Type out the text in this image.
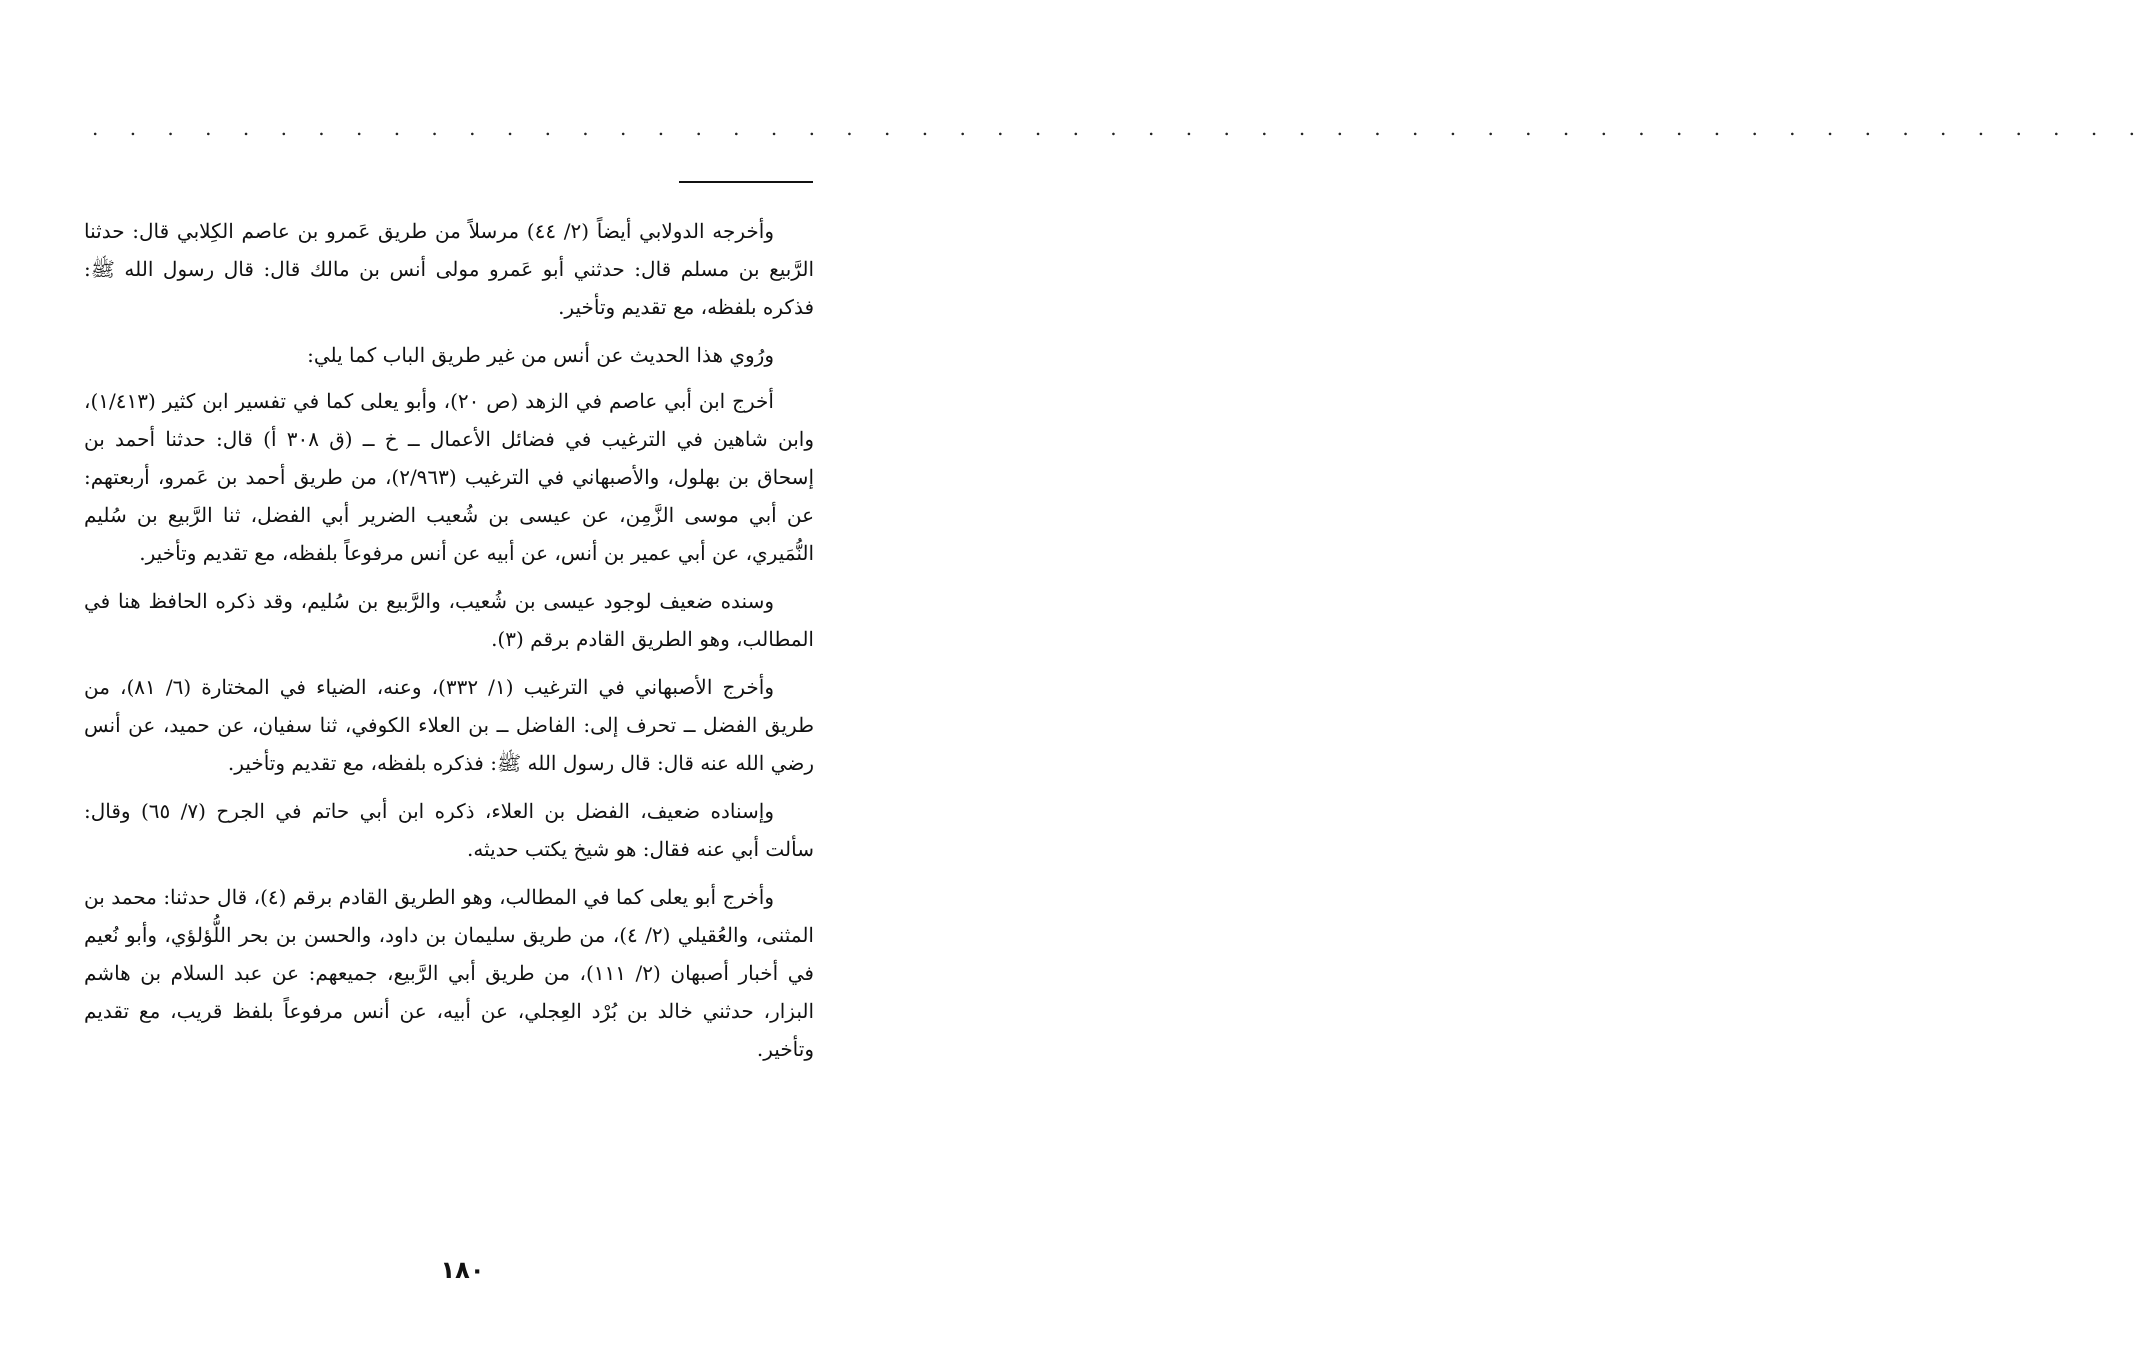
. . . . . . . . . . . . . . . . . . . . . . . . . . . . . . . . . . . . . . . . . . . . . . . . . . . . . . .

وأخرجه الدولابي أيضاً (٢/ ٤٤) مرسلاً من طريق عَمرو بن عاصم الكِلابي قال: حدثنا الرَّبيع بن مسلم قال: حدثني أبو عَمرو مولى أنس بن مالك قال: قال رسول الله ﷺ: فذكره بلفظه، مع تقديم وتأخير.

ورُوي هذا الحديث عن أنس من غير طريق الباب كما يلي:

أخرج ابن أبي عاصم في الزهد (ص ٢٠)، وأبو يعلى كما في تفسير ابن كثير (١/٤١٣)، وابن شاهين في الترغيب في فضائل الأعمال ــ خ ــ (ق ٣٠٨ أ) قال: حدثنا أحمد بن إسحاق بن بهلول، والأصبهاني في الترغيب (٢/٩٦٣)، من طريق أحمد بن عَمرو، أربعتهم: عن أبي موسى الزَّمِن، عن عيسى بن شُعيب الضرير أبي الفضل، ثنا الرَّبيع بن سُليم النُّمَيري، عن أبي عمير بن أنس، عن أبيه عن أنس مرفوعاً بلفظه، مع تقديم وتأخير.

وسنده ضعيف لوجود عيسى بن شُعيب، والرَّبيع بن سُليم، وقد ذكره الحافظ هنا في المطالب، وهو الطريق القادم برقم (٣).

وأخرج الأصبهاني في الترغيب (١/ ٣٣٢)، وعنه، الضياء في المختارة (٦/ ٨١)، من طريق الفضل ــ تحرف إلى: الفاضل ــ بن العلاء الكوفي، ثنا سفيان، عن حميد، عن أنس رضي الله عنه قال: قال رسول الله ﷺ: فذكره بلفظه، مع تقديم وتأخير.

وإسناده ضعيف، الفضل بن العلاء، ذكره ابن أبي حاتم في الجرح (٧/ ٦٥) وقال: سألت أبي عنه فقال: هو شيخ يكتب حديثه.

وأخرج أبو يعلى كما في المطالب، وهو الطريق القادم برقم (٤)، قال حدثنا: محمد بن المثنى، والعُقيلي (٢/ ٤)، من طريق سليمان بن داود، والحسن بن بحر اللُّؤلؤي، وأبو نُعيم في أخبار أصبهان (٢/ ١١١)، من طريق أبي الرَّبيع، جميعهم: عن عبد السلام بن هاشم البزار، حدثني خالد بن بُرْد العِجلي، عن أبيه، عن أنس مرفوعاً بلفظ قريب، مع تقديم وتأخير.

١٨٠
